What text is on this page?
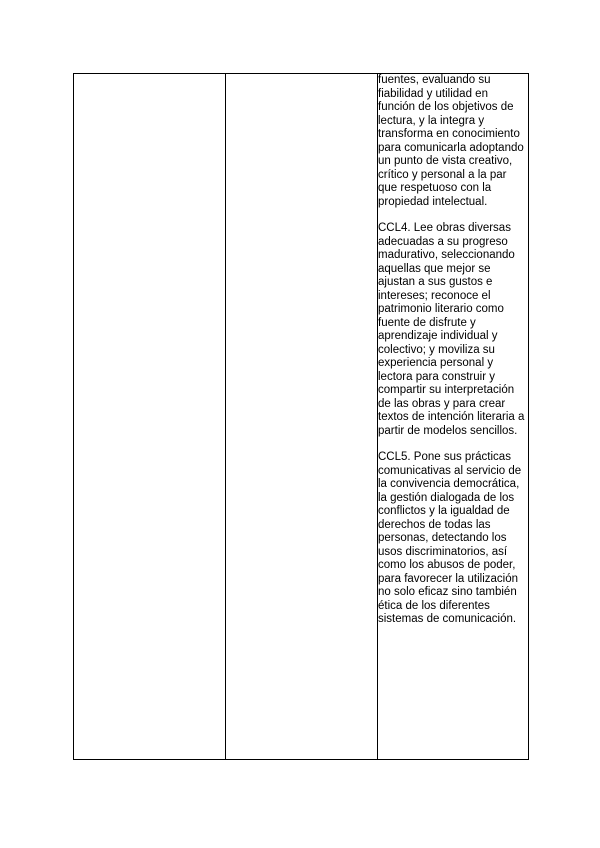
fuentes, evaluando su fiabilidad y utilidad en función de los objetivos de lectura, y la integra y transforma en conocimiento para comunicarla adoptando un punto de vista creativo, crítico y personal a la par que respetuoso con la propiedad intelectual.

CCL4. Lee obras diversas adecuadas a su progreso madurativo, seleccionando aquellas que mejor se ajustan a sus gustos e intereses; reconoce el patrimonio literario como fuente de disfrute y aprendizaje individual y colectivo; y moviliza su experiencia personal y lectora para construir y compartir su interpretación de las obras y para crear textos de intención literaria a partir de modelos sencillos.

CCL5. Pone sus prácticas comunicativas al servicio de la convivencia democrática, la gestión dialogada de los conflictos y la igualdad de derechos de todas las personas, detectando los usos discriminatorios, así como los abusos de poder, para favorecer la utilización no solo eficaz sino también ética de los diferentes sistemas de comunicación.
